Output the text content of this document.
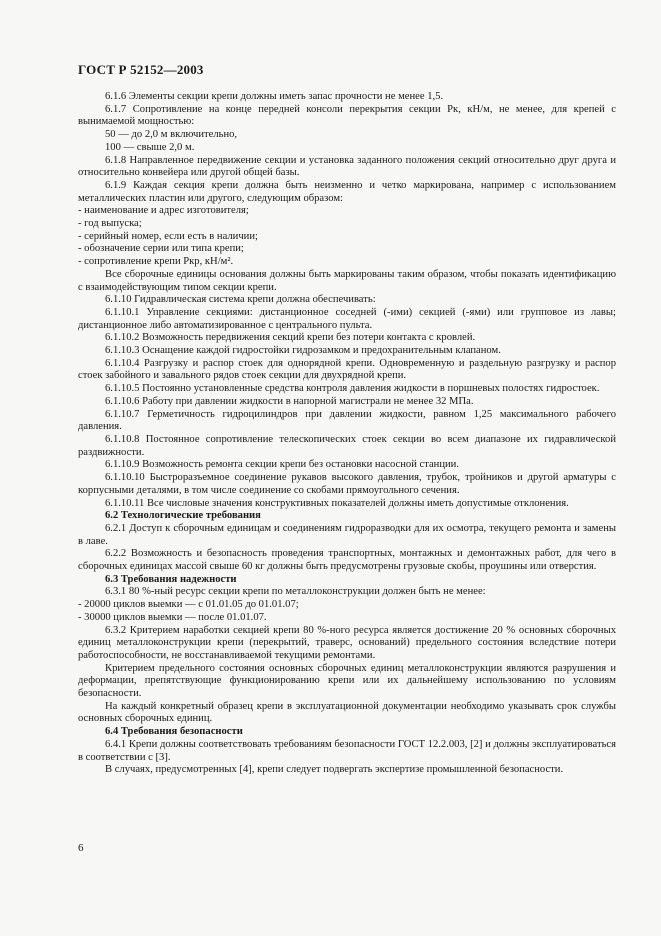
ГОСТ Р 52152—2003

6.1.6 Элементы секции крепи должны иметь запас прочности не менее 1,5.

6.1.7 Сопротивление на конце передней консоли перекрытия секции Pк, кН/м, не менее, для крепей с вынимаемой мощностью:

50 — до 2,0 м включительно,

100 — свыше 2,0 м.

6.1.8 Направленное передвижение секции и установка заданного положения секций относительно друг друга и относительно конвейера или другой общей базы.

6.1.9 Каждая секция крепи должна быть неизменно и четко маркирована, например с использованием металлических пластин или другого, следующим образом:

- наименование и адрес изготовителя;

- год выпуска;

- серийный номер, если есть в наличии;

- обозначение серии или типа крепи;

- сопротивление крепи Pкр, кН/м².

Все сборочные единицы основания должны быть маркированы таким образом, чтобы показать идентификацию с взаимодействующим типом секции крепи.

6.1.10 Гидравлическая система крепи должна обеспечивать:

6.1.10.1 Управление секциями: дистанционное соседней (-ими) секцией (-ями) или групповое из лавы; дистанционное либо автоматизированное с центрального пульта.

6.1.10.2 Возможность передвижения секций крепи без потери контакта с кровлей.

6.1.10.3 Оснащение каждой гидростойки гидрозамком и предохранительным клапаном.

6.1.10.4 Разгрузку и распор стоек для однорядной крепи. Одновременную и раздельную разгрузку и распор стоек забойного и завального рядов стоек секции для двухрядной крепи.

6.1.10.5 Постоянно установленные средства контроля давления жидкости в поршневых полостях гидростоек.

6.1.10.6 Работу при давлении жидкости в напорной магистрали не менее 32 МПа.

6.1.10.7 Герметичность гидроцилиндров при давлении жидкости, равном 1,25 максимального рабочего давления.

6.1.10.8 Постоянное сопротивление телескопических стоек секции во всем диапазоне их гидравлической раздвижности.

6.1.10.9 Возможность ремонта секции крепи без остановки насосной станции.

6.1.10.10 Быстроразъемное соединение рукавов высокого давления, трубок, тройников и другой арматуры с корпусными деталями, в том числе соединение со скобами прямоугольного сечения.

6.1.10.11 Все числовые значения конструктивных показателей должны иметь допустимые отклонения.

6.2 Технологические требования

6.2.1 Доступ к сборочным единицам и соединениям гидроразводки для их осмотра, текущего ремонта и замены в лаве.

6.2.2 Возможность и безопасность проведения транспортных, монтажных и демонтажных работ, для чего в сборочных единицах массой свыше 60 кг должны быть предусмотрены грузовые скобы, проушины или отверстия.

6.3 Требования надежности

6.3.1 80 %-ный ресурс секции крепи по металлоконструкции должен быть не менее:

- 20000 циклов выемки — с 01.01.05 до 01.01.07;

- 30000 циклов выемки — после 01.01.07.

6.3.2 Критерием наработки секцией крепи 80 %-ного ресурса является достижение 20 % основных сборочных единиц металлоконструкции крепи (перекрытий, траверс, оснований) предельного состояния вследствие потери работоспособности, не восстанавливаемой текущими ремонтами.

Критерием предельного состояния основных сборочных единиц металлоконструкции являются разрушения и деформации, препятствующие функционированию крепи или их дальнейшему использованию по условиям безопасности.

На каждый конкретный образец крепи в эксплуатационной документации необходимо указывать срок службы основных сборочных единиц.

6.4 Требования безопасности

6.4.1 Крепи должны соответствовать требованиям безопасности ГОСТ 12.2.003, [2] и должны эксплуатироваться в соответствии с [3].

В случаях, предусмотренных [4], крепи следует подвергать экспертизе промышленной безопасности.

6
